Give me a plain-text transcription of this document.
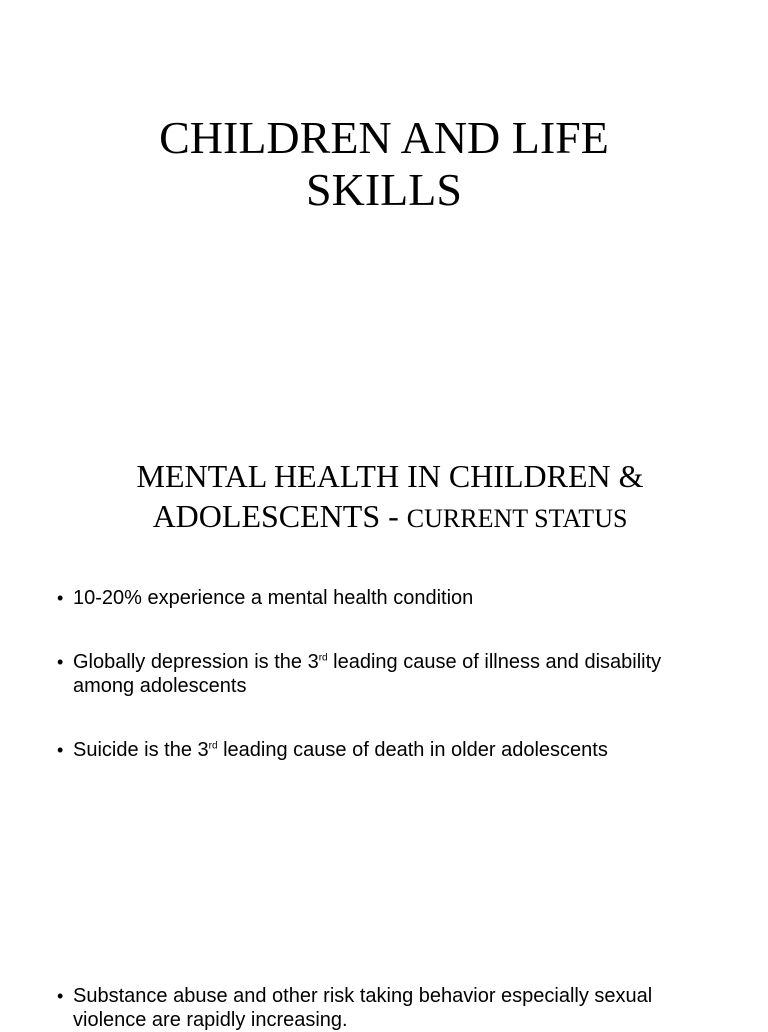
CHILDREN AND LIFE
SKILLS
MENTAL HEALTH IN CHILDREN &
ADOLESCENTS - CURRENT STATUS
• 10-20% experience a mental health condition
• Globally depression is the 3rd leading cause of illness and disability among adolescents
• Suicide is the 3rd leading cause of death in older adolescents
• Substance abuse and other risk taking behavior especially sexual violence are rapidly increasing.
